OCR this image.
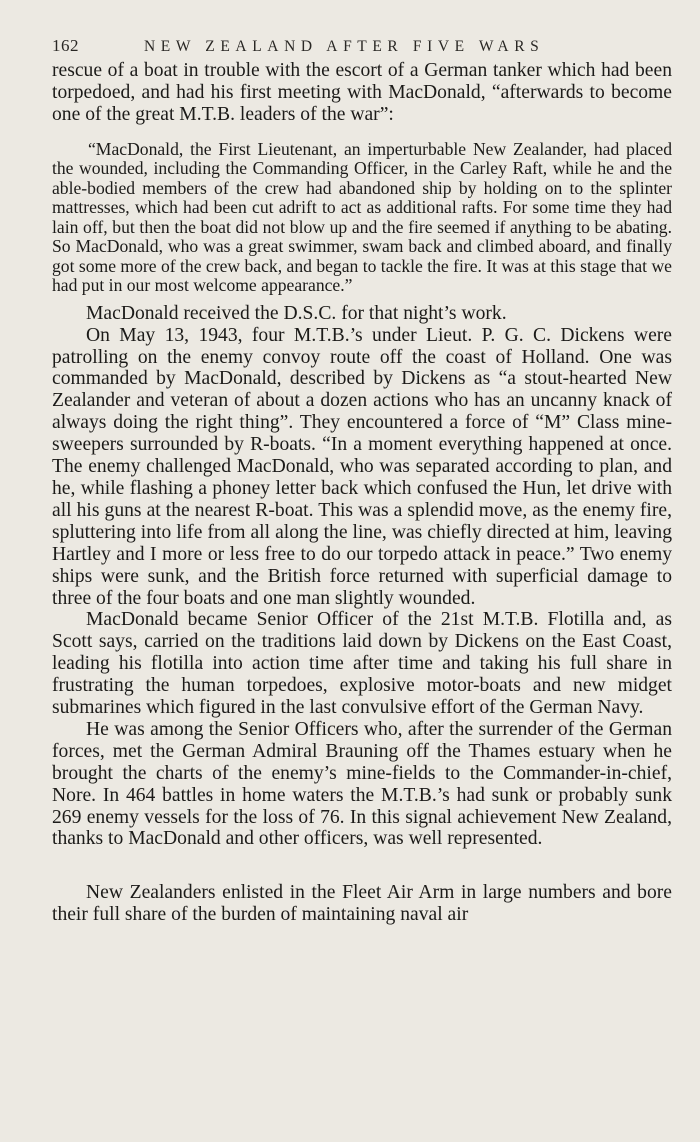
162	NEW ZEALAND AFTER FIVE WARS

rescue of a boat in trouble with the escort of a German tanker which had been torpedoed, and had his first meeting with MacDonald, “afterwards to become one of the great M.T.B. leaders of the war”:

“MacDonald, the First Lieutenant, an imperturbable New Zealander, had placed the wounded, including the Commanding Officer, in the Carley Raft, while he and the able-bodied members of the crew had abandoned ship by holding on to the splinter mattresses, which had been cut adrift to act as additional rafts. For some time they had lain off, but then the boat did not blow up and the fire seemed if anything to be abating. So MacDonald, who was a great swimmer, swam back and climbed aboard, and finally got some more of the crew back, and began to tackle the fire. It was at this stage that we had put in our most welcome appearance.”

MacDonald received the D.S.C. for that night’s work.

On May 13, 1943, four M.T.B.’s under Lieut. P. G. C. Dickens were patrolling on the enemy convoy route off the coast of Holland. One was commanded by MacDonald, described by Dickens as “a stout-hearted New Zealander and veteran of about a dozen actions who has an uncanny knack of always doing the right thing”. They encountered a force of “M” Class mine-sweepers surrounded by R-boats. “In a moment everything happened at once. The enemy challenged MacDonald, who was separated according to plan, and he, while flashing a phoney letter back which confused the Hun, let drive with all his guns at the nearest R-boat. This was a splendid move, as the enemy fire, spluttering into life from all along the line, was chiefly directed at him, leaving Hartley and I more or less free to do our torpedo attack in peace.” Two enemy ships were sunk, and the British force returned with superficial damage to three of the four boats and one man slightly wounded.

MacDonald became Senior Officer of the 21st M.T.B. Flotilla and, as Scott says, carried on the traditions laid down by Dickens on the East Coast, leading his flotilla into action time after time and taking his full share in frustrating the human torpedoes, explosive motor-boats and new midget submarines which figured in the last convulsive effort of the German Navy.

He was among the Senior Officers who, after the surrender of the German forces, met the German Admiral Brauning off the Thames estuary when he brought the charts of the enemy’s mine-fields to the Commander-in-chief, Nore. In 464 battles in home waters the M.T.B.’s had sunk or probably sunk 269 enemy vessels for the loss of 76. In this signal achievement New Zealand, thanks to MacDonald and other officers, was well represented.

New Zealanders enlisted in the Fleet Air Arm in large numbers and bore their full share of the burden of maintaining naval air
